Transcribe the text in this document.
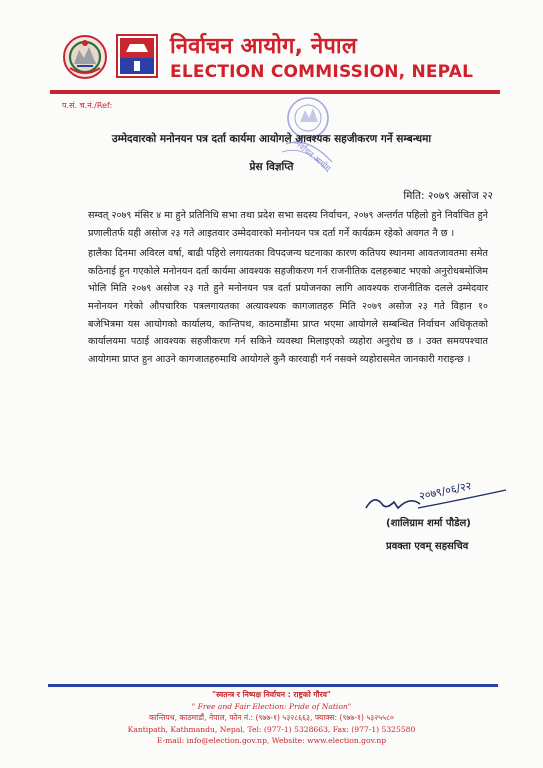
निर्वाचन आयोग, नेपाल
ELECTION COMMISSION, NEPAL
प.सं. च.नं./Ref:
निर्वाचन आयोग
उम्मेदवारको मनोनयन पत्र दर्ता कार्यमा आयोगले आवश्यक सहजीकरण गर्ने सम्बन्धमा
प्रेस विज्ञप्ति
मिति: २०७९ असोज २२

सम्वत् २०७९ मंसिर ४ मा हुने प्रतिनिधि सभा तथा प्रदेश सभा सदस्य निर्वाचन, २०७९ अन्तर्गत पहिलो हुने निर्वाचित हुने प्रणालीतर्फ यही असोज २३ गते आइतवार उम्मेदवारको मनोनयन पत्र दर्ता गर्ने कार्यक्रम रहेको अवगत नै छ ।

हालैका दिनमा अविरल वर्षा, बाढी पहिरो लगायतका विपदजन्य घटनाका कारण कतिपय स्थानमा आवतजावतमा समेत कठिनाई हुन गएकोले मनोनयन दर्ता कार्यमा आवश्यक सहजीकरण गर्न राजनीतिक दलहरुबाट भएको अनुरोधबमोजिम भोलि मिति २०७९ असोज २३ गते हुने मनोनयन पत्र दर्ता प्रयोजनका लागि आवश्यक राजनीतिक दलले उम्मेदवार मनोनयन गरेको औपचारिक पत्रलगायतका अत्यावश्यक कागजातहरु मिति २०७९ असोज २३ गते विहान १० बजेभित्रमा यस आयोगको कार्यालय, कान्तिपथ, काठमाडौंमा प्राप्त भएमा आयोगले सम्बन्धित निर्वाचन अधिकृतको कार्यालयमा पठाई आवश्यक सहजीकरण गर्न सकिने व्यवस्था मिलाइएको व्यहोरा अनुरोध छ । उक्त समयपश्चात आयोगमा प्राप्त हुन आउने कागजातहरुमाथि आयोगले कुनै कारवाही गर्न नसक्ने व्यहोरासमेत जानकारी गराइन्छ ।

२०७९/०६/२२
(शालिग्राम शर्मा पौडेल)
प्रवक्ता एवम् सहसचिव
"स्वतन्त्र र निष्पक्ष निर्वाचन : राष्ट्रको गौरव"
" Free and Fair Election: Pride of Nation"
कान्तिपथ, काठमाडौं, नेपाल, फोन नं.: (९७७-१) ५३२८६६३, फ्याक्स: (९७७-१) ५३२५५८०
Kantipath, Kathmandu, Nepal, Tel: (977-1) 5328663, Fax: (977-1) 5325580
E-mail: info@election.gov.np, Website: www.election.gov.np
